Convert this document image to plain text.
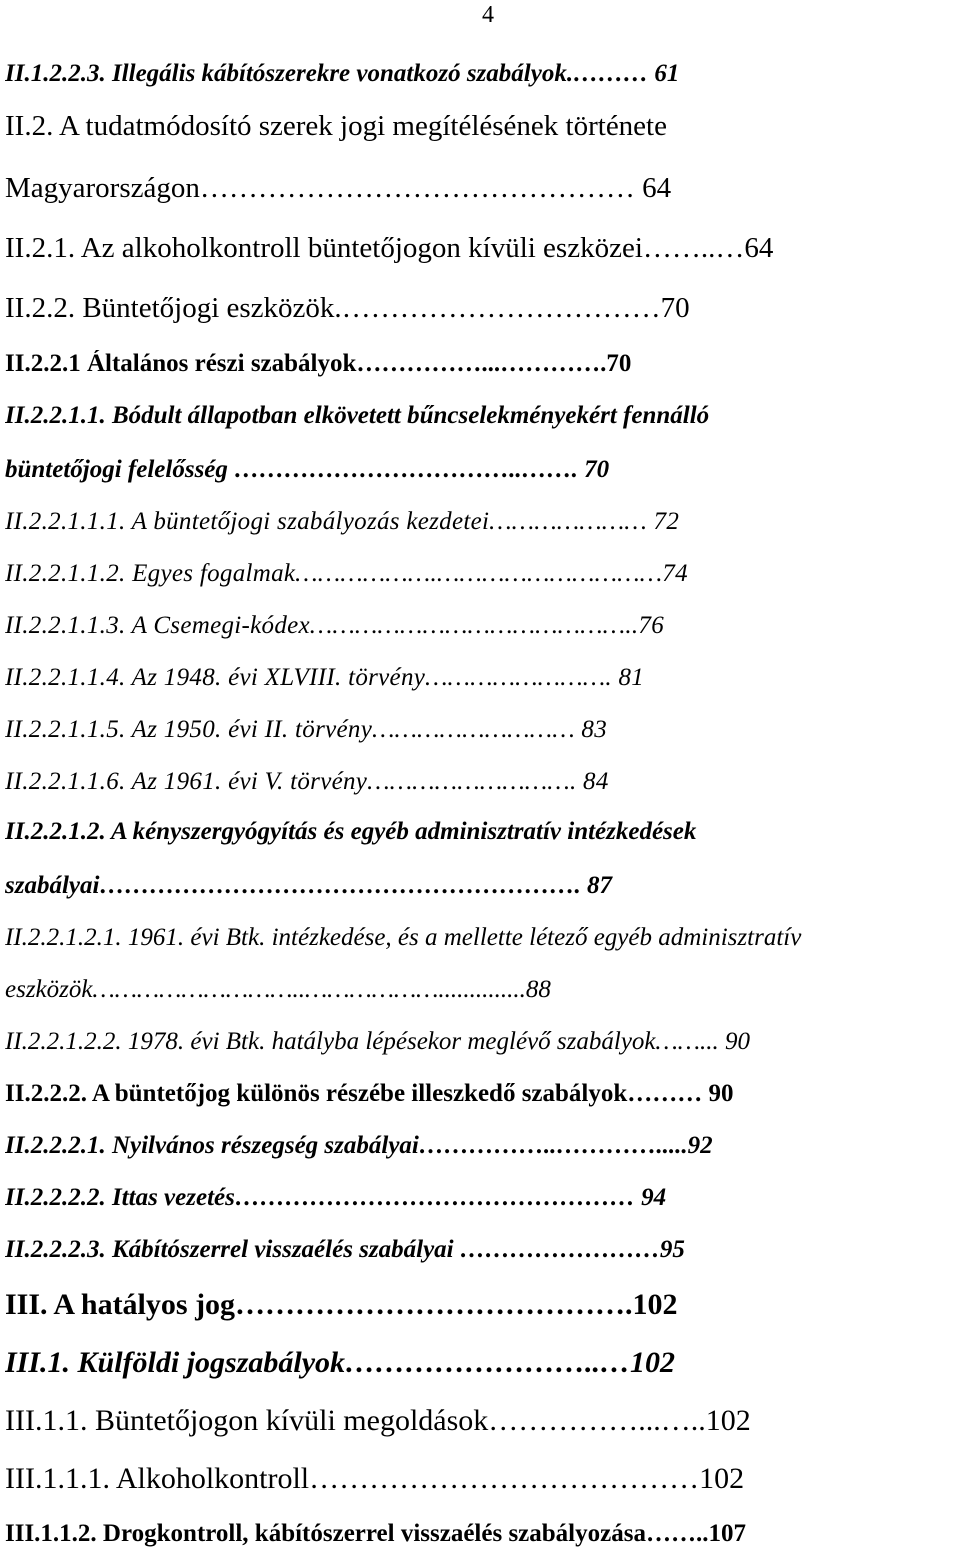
4
II.1.2.2.3. Illegális kábítószerekre vonatkozó szabályok.……… 61
II.2. A tudatmódosító szerek jogi megítélésének története
Magyarországon……………………………………… 64
II.2.1. Az alkoholkontroll büntetőjogon kívüli eszközei……..…64
II.2.2. Büntetőjogi eszközök.……………………………70
II.2.2.1 Általános részi szabályok……………...………….70
II.2.2.1.1. Bódult állapotban elkövetett bűncselekményekért fennálló
büntetőjogi felelősség ……………………………..……. 70
II.2.2.1.1.1. A büntetőjogi szabályozás kezdetei………………… 72
II.2.2.1.1.2. Egyes fogalmak……………….…………………………74
II.2.2.1.1.3. A Csemegi-kódex……………………………………..76
II.2.2.1.1.4. Az 1948. évi XLVIII. törvény……………………. 81
II.2.2.1.1.5. Az 1950. évi II. törvény……………………… 83
II.2.2.1.1.6. Az 1961. évi V. törvény………………………. 84
II.2.2.1.2. A kényszergyógyítás és egyéb adminisztratív intézkedések
szabályai…………………………………………………. 87
II.2.2.1.2.1. 1961. évi Btk. intézkedése, és a mellette létező egyéb adminisztratív
eszközök………………………..………………..............88
II.2.2.1.2.2. 1978. évi Btk. hatályba lépésekor meglévő szabályok……... 90
II.2.2.2. A büntetőjog különös részébe illeszkedő szabályok……… 90
II.2.2.2.1. Nyilvános részegség szabályai……………..………….....92
II.2.2.2.2. Ittas vezetés………………………………………… 94
II.2.2.2.3. Kábítószerrel visszaélés szabályai ……………………95
III. A hatályos jog………………………………….102
III.1. Külföldi jogszabályok……………………..…102
III.1.1. Büntetőjogon kívüli megoldások……………...…..102
III.1.1.1. Alkoholkontroll…………………………………102
III.1.1.2. Drogkontroll, kábítószerrel visszaélés szabályozása……..107
